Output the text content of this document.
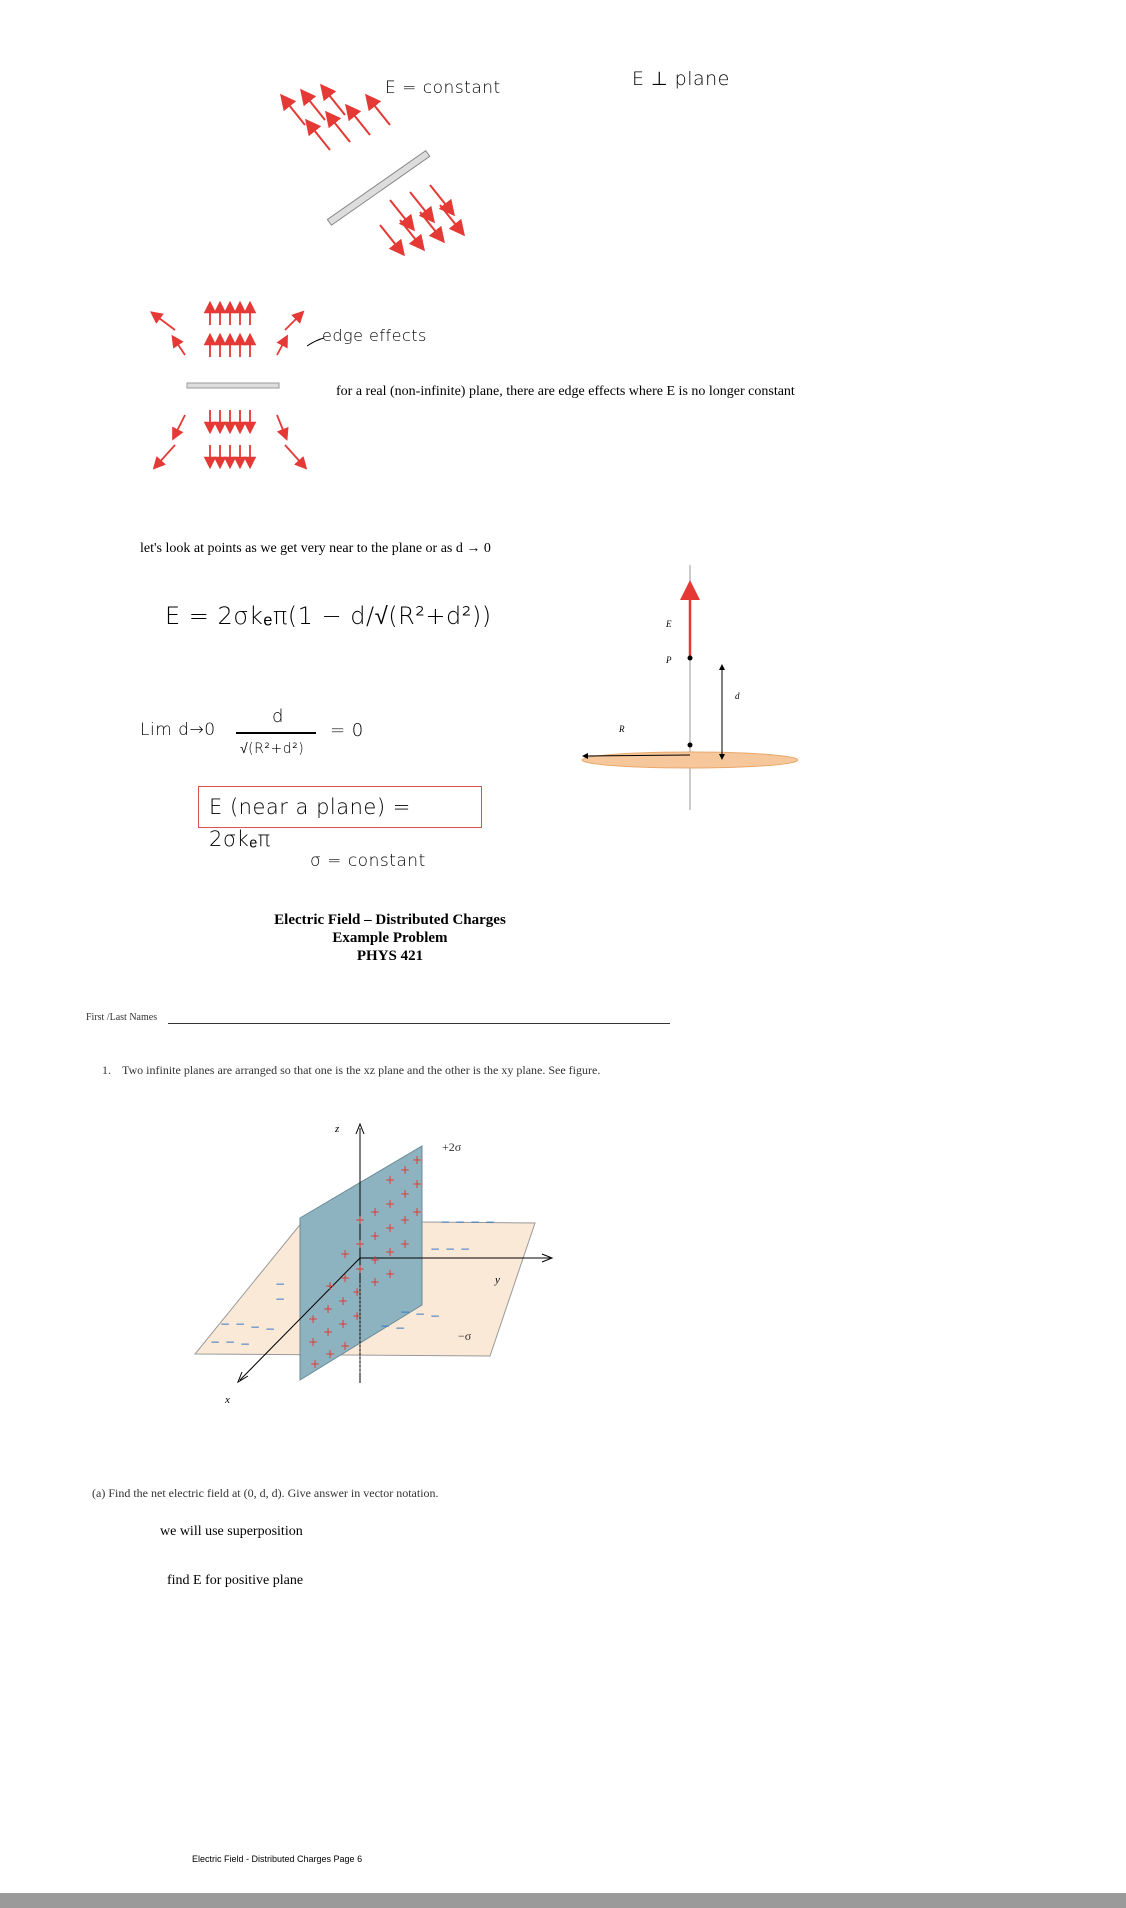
E = constant	E ⊥ plane
edge effects
for a real (non-infinite) plane, there are edge effects where E is no longer constant
let's look at points as we get very near to the plane or as d → 0
E = 2σkₑπ(1 − d/√(R²+d²))
Lim d→0
d
√(R²+d²)
= 0
E (near a plane) = 2σkₑπ
σ = constant
E
P
d
R
Electric Field – Distributed Charges
Example Problem
PHYS 421
First /Last Names
1. Two infinite planes are arranged so that one is the xz plane and the other is the xy plane. See figure.
+
+
+
+
+
+
+
+
+
+
+
+
+
+
+
+
+
+
+
+
+
+
+
+
+
+
+
+
+
+
+
+
+
− − − −
− − −
− − − −
− − −
− − −
− −
−
−
z
y
x
+2σ
−σ
(a) Find the net electric field at (0, d, d). Give answer in vector notation.
we will use superposition
find E for positive plane
Electric Field - Distributed Charges Page 6
